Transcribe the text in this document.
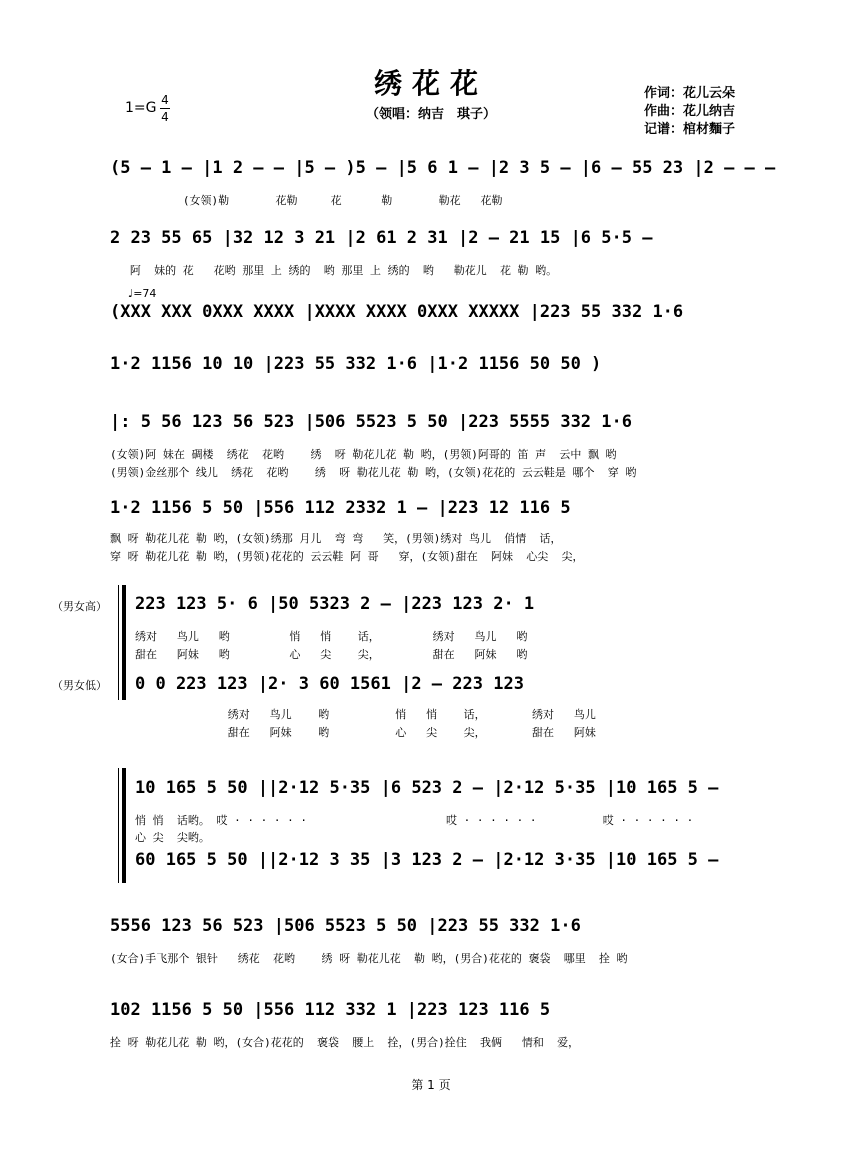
绣花花
（领唱：纳吉　琪子）
1=G 4
4
作词：花儿云朵
作曲：花儿纳吉
记谱：棺材麵子
♩=74
(5 — 1 — |1 2 — — |5 — )5 — |5 6 1 — |2 3 5 — |6 — 55 23 |2 — — —
(女领)勒       花勒     花      勒       勒花   花勒
2 23 55 65 |32 12 3 21 |2 61 2 31 |2 — 21 15 |6 5·5 —
阿  妹的 花   花哟 那里 上 绣的  哟 那里 上 绣的  哟   勒花儿  花 勒 哟。
(XXX XXX 0XXX XXXX |XXXX XXXX 0XXX XXXXX |223 55 332 1·6
1·2 1156 10 10 |223 55 332 1·6 |1·2 1156 50 50 )
|: 5 56 123 56 523 |506 5523 5 50 |223 5555 332 1·6
(女领)阿 妹在 碉楼  绣花  花哟    绣  呀 勒花儿花 勒 哟，(男领)阿哥的 笛 声  云中 飘 哟
(男领)金丝那个 线儿  绣花  花哟    绣  呀 勒花儿花 勒 哟，(女领)花花的 云云鞋是 哪个  穿 哟
1·2 1156 5 50 |556 112 2332 1 — |223 12 116 5
飘 呀 勒花儿花 勒 哟，(女领)绣那 月儿  弯 弯   笑，(男领)绣对 鸟儿  俏情  话，
穿 呀 勒花儿花 勒 哟，(男领)花花的 云云鞋 阿 哥   穿，(女领)甜在  阿妹  心尖  尖，
（男女高）
（男女低）
223 123 5· 6 |50 5323 2 — |223 123 2· 1
绣对   鸟儿   哟         悄   悄    话，        绣对   鸟儿   哟
甜在   阿妹   哟         心   尖    尖，        甜在   阿妹   哟
0 0 223 123 |2· 3 60 1561 |2 — 223 123
绣对   鸟儿    哟          悄   悄    话，       绣对   鸟儿
甜在   阿妹    哟          心   尖    尖，       甜在   阿妹
10 165 5 50 ||2·12 5·35 |6 523 2 — |2·12 5·35 |10 165 5 —
悄 悄  话哟。 哎 · · · · · ·                     哎 · · · · · ·          哎 · · · · · ·
心 尖  尖哟。
60 165 5 50 ||2·12 3 35 |3 123 2 — |2·12 3·35 |10 165 5 —
5556 123 56 523 |506 5523 5 50 |223 55 332 1·6
(女合)手飞那个 银针   绣花  花哟    绣 呀 勒花儿花  勒 哟，(男合)花花的 褒袋  哪里  拴 哟
102 1156 5 50 |556 112 332 1 |223 123 116 5
拴 呀 勒花儿花 勒 哟，(女合)花花的  褒袋  腰上  拴，(男合)拴住  我俩   情和  爱，
第 1 页
